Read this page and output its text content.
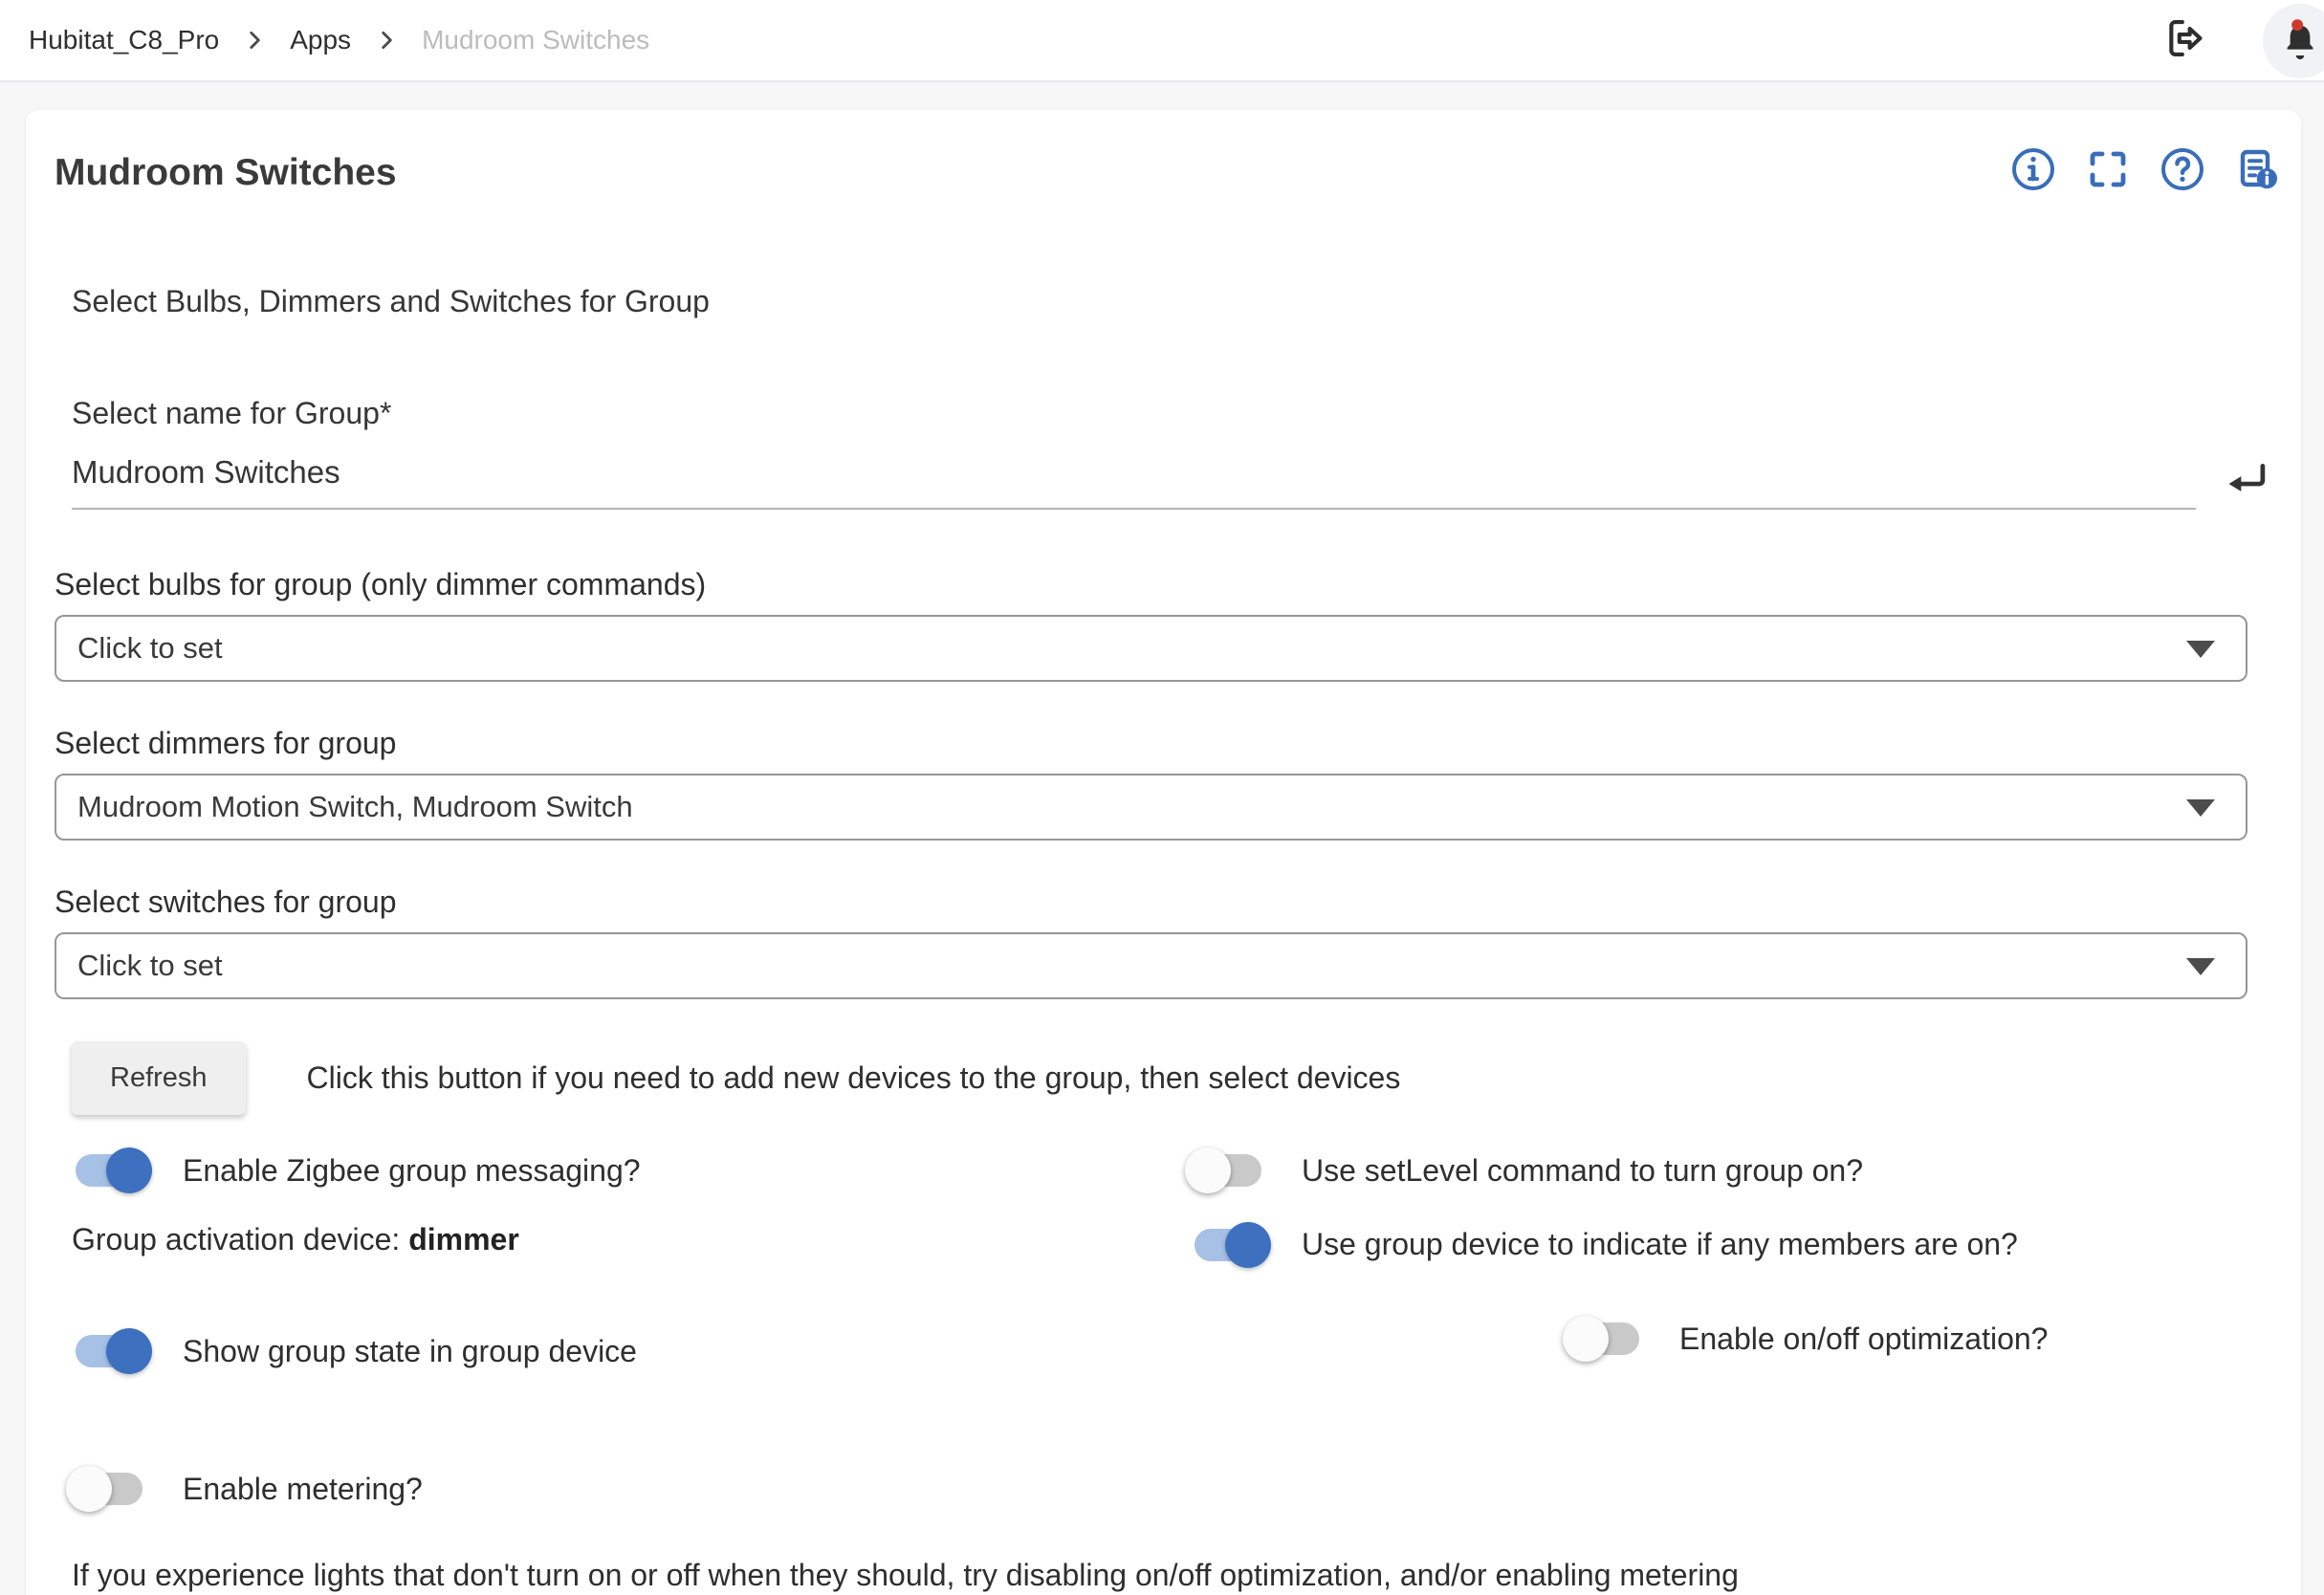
Hubitat_C8_Pro	Apps	Mudroom Switches
Mudroom Switches
Select Bulbs, Dimmers and Switches for Group
Select name for Group*
Mudroom Switches
Select bulbs for group (only dimmer commands)
Click to set
Select dimmers for group
Mudroom Motion Switch, Mudroom Switch
Select switches for group
Click to set
Refresh	Click this button if you need to add new devices to the group, then select devices
Enable Zigbee group messaging?
Group activation device: dimmer
Show group state in group device
Enable metering?
Use setLevel command to turn group on?
Use group device to indicate if any members are on?
Enable on/off optimization?
If you experience lights that don't turn on or off when they should, try disabling on/off optimization, and/or enabling metering
